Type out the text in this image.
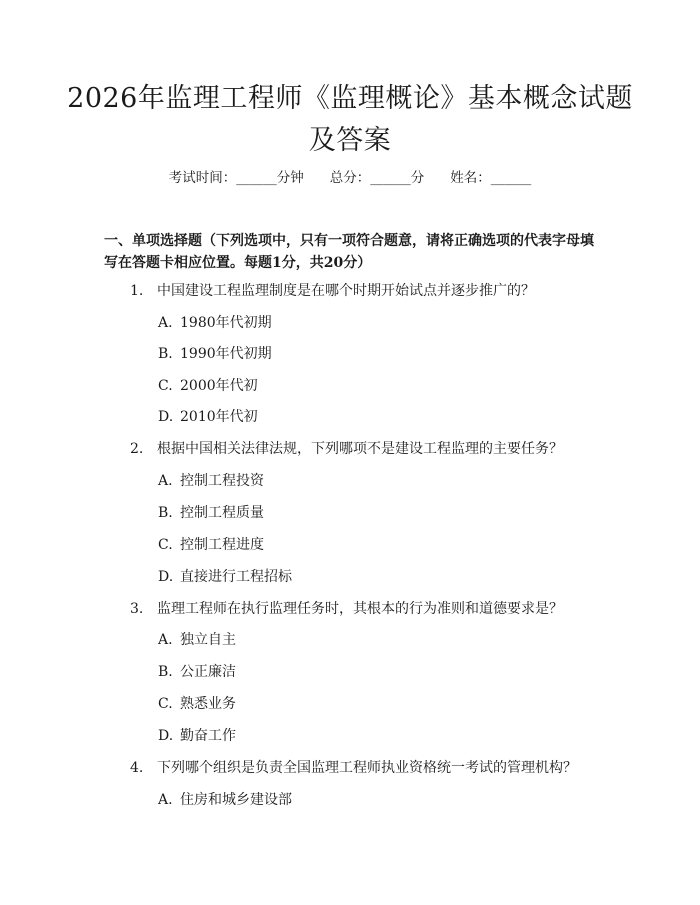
2026年监理工程师《监理概论》基本概念试题及答案
考试时间：______分钟 总分：______分 姓名：______

一、单项选择题（下列选项中，只有一项符合题意，请将正确选项的代表字母填写在答题卡相应位置。每题1分，共20分）

1. 中国建设工程监理制度是在哪个时期开始试点并逐步推广的？
A. 1980年代初期
B. 1990年代初期
C. 2000年代初
D. 2010年代初
2. 根据中国相关法律法规，下列哪项不是建设工程监理的主要任务？
A. 控制工程投资
B. 控制工程质量
C. 控制工程进度
D. 直接进行工程招标
3. 监理工程师在执行监理任务时，其根本的行为准则和道德要求是？
A. 独立自主
B. 公正廉洁
C. 熟悉业务
D. 勤奋工作
4. 下列哪个组织是负责全国监理工程师执业资格统一考试的管理机构？
A. 住房和城乡建设部
